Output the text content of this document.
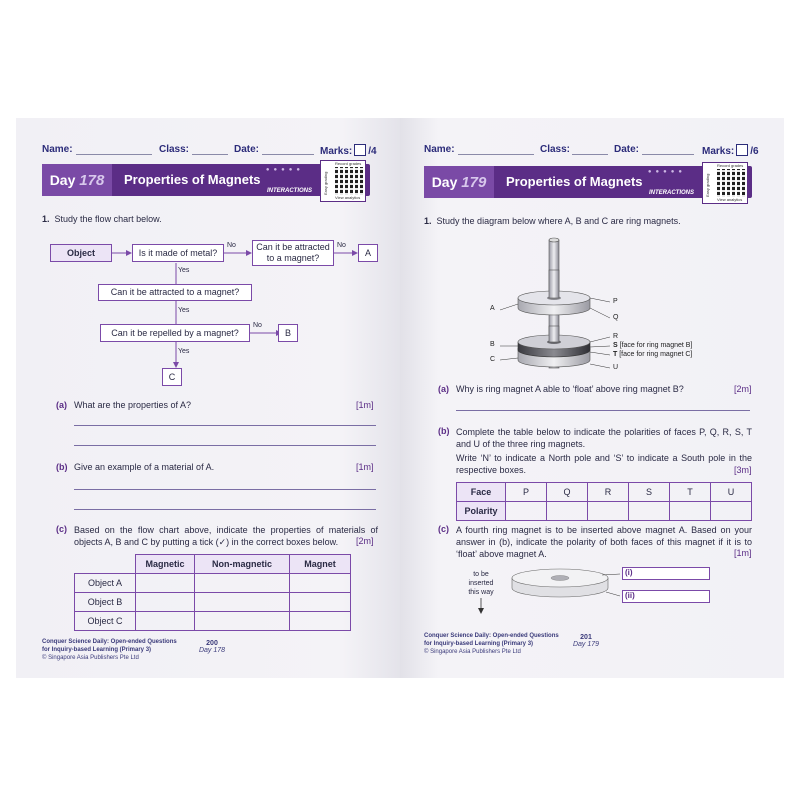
Name:	Class:	Date:	Marks: /4
Day 178	Properties of Magnets
●●●●●
INTERACTIONS
Record grades
Easy grading
View analytics
1. Study the flow chart below.
Object	Is it made of metal?
Can it be attracted to a magnet?
A
Can it be attracted to a magnet?
Can it be repelled by a magnet?	B
C
No	No
No
Yes
Yes
Yes
(a) What are the properties of A?	[1m]
(b) Give an example of a material of A.	[1m]
(c) Based on the flow chart above, indicate the properties of materials of objects A, B and C by putting a tick (✓) in the correct boxes below.	[2m]
	Magnetic	Non-magnetic	Magnet
Object A			
Object B			
Object C			
Conquer Science Daily: Open-ended Questions
for Inquiry-based Learning (Primary 3)
© Singapore Asia Publishers Pte Ltd
200
Day 178
Name:	Class:	Date:	Marks: /6
Day 179	Properties of Magnets
●●●●●
INTERACTIONS
Record grades
Easy grading
View analytics
1. Study the diagram below where A, B and C are ring magnets.
A
B
C
P
Q
R
S [face for ring magnet B]
T [face for ring magnet C]
U
(a) Why is ring magnet A able to ‘float’ above ring magnet B?	[2m]
(b) Complete the table below to indicate the polarities of faces P, Q, R, S, T and U of the three ring magnets.
Write ‘N’ to indicate a North pole and ‘S’ to indicate a South pole in the respective boxes.	[3m]
Face	P	Q	R	S	T	U
Polarity						
(c) A fourth ring magnet is to be inserted above magnet A. Based on your answer in (b), indicate the polarity of both faces of this magnet if it is to ‘float’ above magnet A.	[1m]
to be
inserted
this way
(i)
(ii)
Conquer Science Daily: Open-ended Questions
for Inquiry-based Learning (Primary 3)
© Singapore Asia Publishers Pte Ltd
201
Day 179
